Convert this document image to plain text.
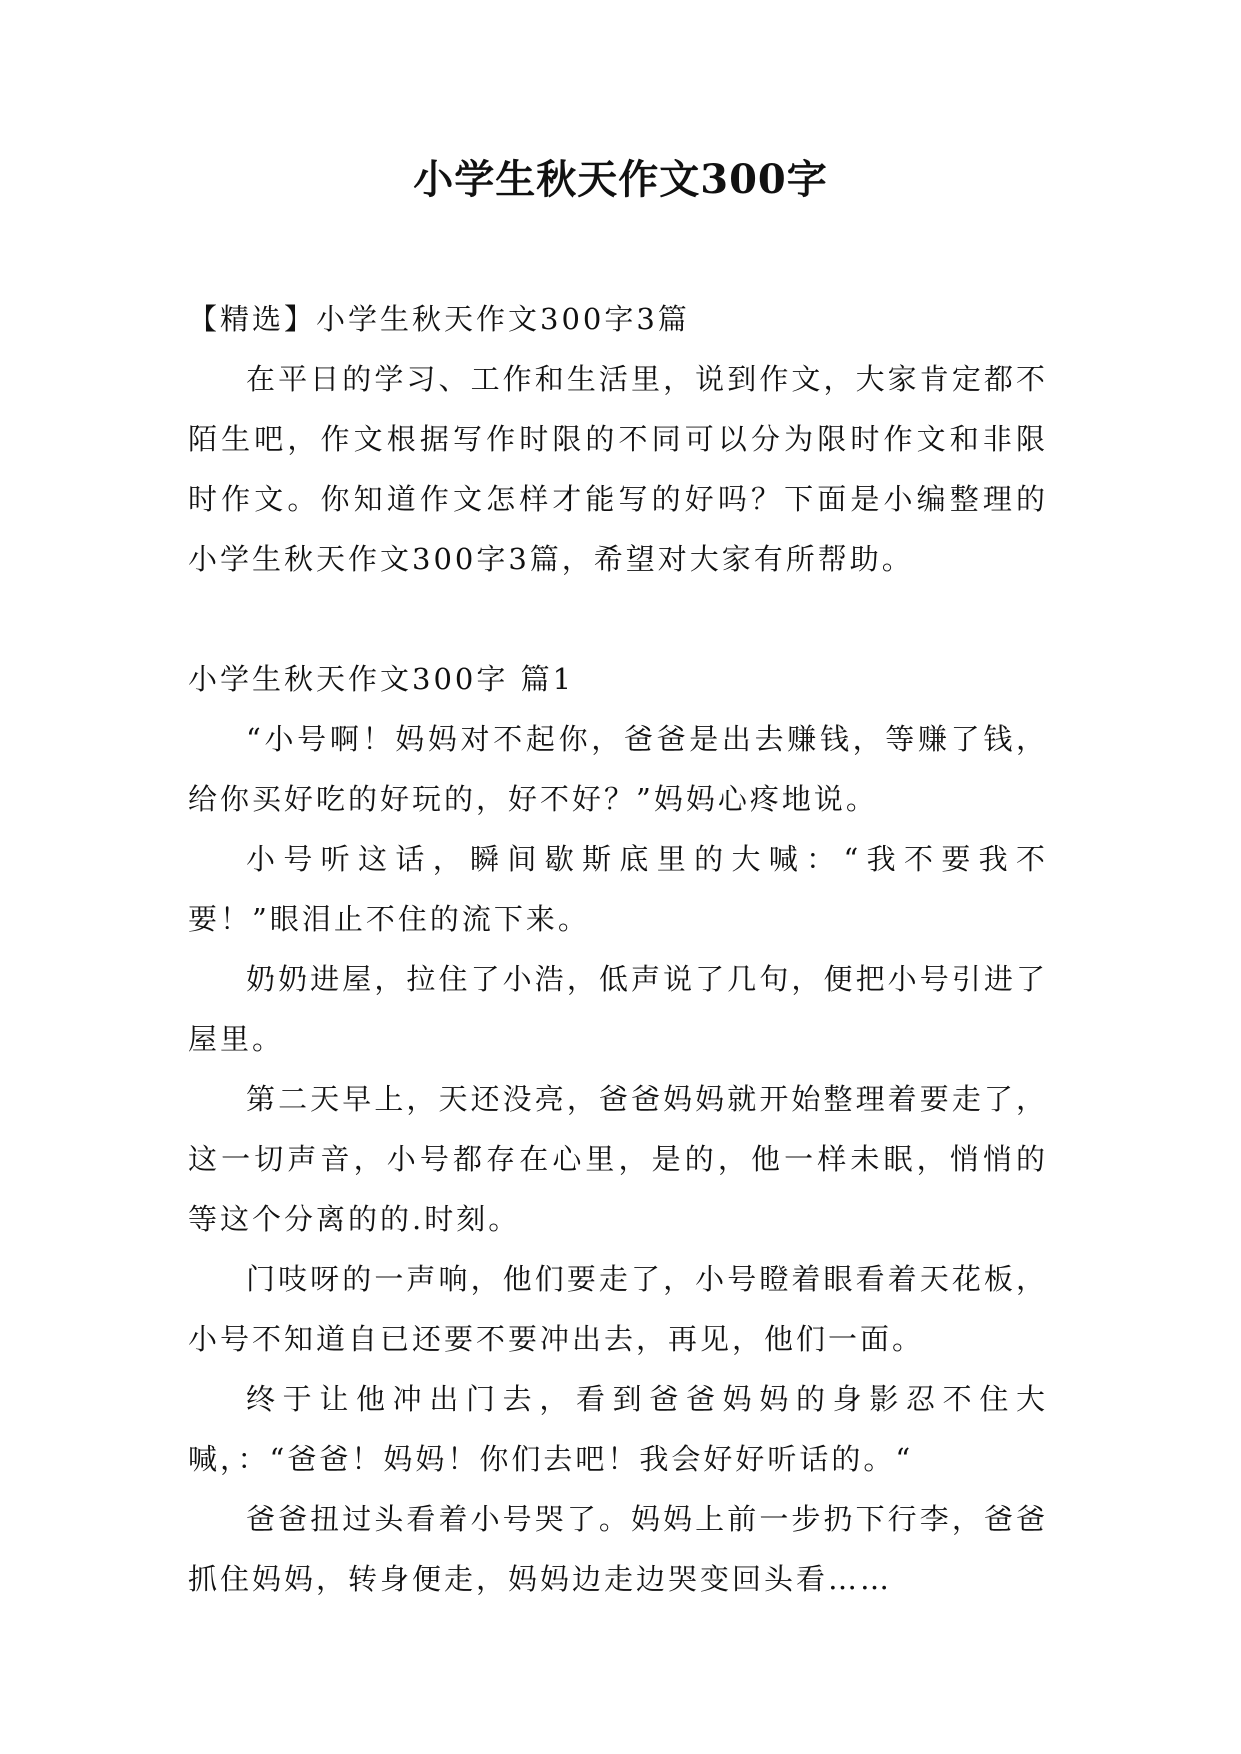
小学生秋天作文300字

【精选】小学生秋天作文300字3篇

在平日的学习、工作和生活里，说到作文，大家肯定都不陌生吧，作文根据写作时限的不同可以分为限时作文和非限时作文。你知道作文怎样才能写的好吗？下面是小编整理的小学生秋天作文300字3篇，希望对大家有所帮助。

小学生秋天作文300字 篇1

“小号啊！妈妈对不起你，爸爸是出去赚钱，等赚了钱，给你买好吃的好玩的，好不好？”妈妈心疼地说。

小号听这话，瞬间歇斯底里的大喊：“我不要我不要！”眼泪止不住的流下来。

奶奶进屋，拉住了小浩，低声说了几句，便把小号引进了屋里。

第二天早上，天还没亮，爸爸妈妈就开始整理着要走了，这一切声音，小号都存在心里，是的，他一样未眠，悄悄的等这个分离的的.时刻。

门吱呀的一声响，他们要走了，小号瞪着眼看着天花板，小号不知道自已还要不要冲出去，再见，他们一面。

终于让他冲出门去，看到爸爸妈妈的身影忍不住大喊，：“爸爸！妈妈！你们去吧！我会好好听话的。“

爸爸扭过头看着小号哭了。妈妈上前一步扔下行李，爸爸抓住妈妈，转身便走，妈妈边走边哭变回头看……
